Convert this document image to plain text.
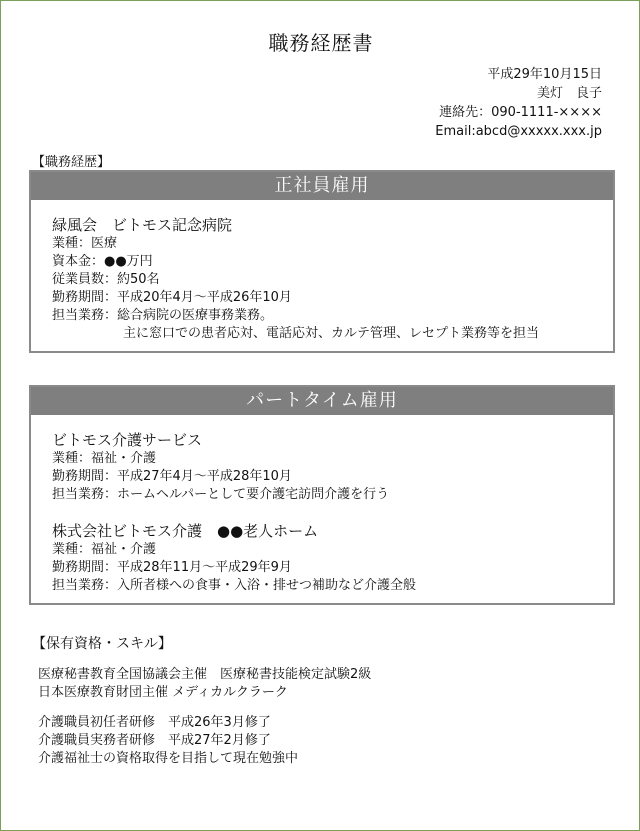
職務経歴書
平成29年10月15日
美灯　良子
連絡先：090-1111-××××
Email:abcd@xxxxx.xxx.jp
【職務経歴】
正社員雇用
緑風会　ビトモス記念病院
業種：医療
資本金：●●万円
従業員数：約50名
勤務期間：平成20年4月～平成26年10月
担当業務：総合病院の医療事務業務。
主に窓口での患者応対、電話応対、カルテ管理、レセプト業務等を担当
パートタイム雇用
ビトモス介護サービス
業種：福祉・介護
勤務期間：平成27年4月～平成28年10月
担当業務：ホームヘルパーとして要介護宅訪問介護を行う
株式会社ビトモス介護　●●老人ホーム
業種：福祉・介護
勤務期間：平成28年11月～平成29年9月
担当業務：入所者様への食事・入浴・排せつ補助など介護全般
【保有資格・スキル】
医療秘書教育全国協議会主催　医療秘書技能検定試験2級
日本医療教育財団主催 メディカルクラーク
介護職員初任者研修　平成26年3月修了
介護職員実務者研修　平成27年2月修了
介護福祉士の資格取得を目指して現在勉強中
